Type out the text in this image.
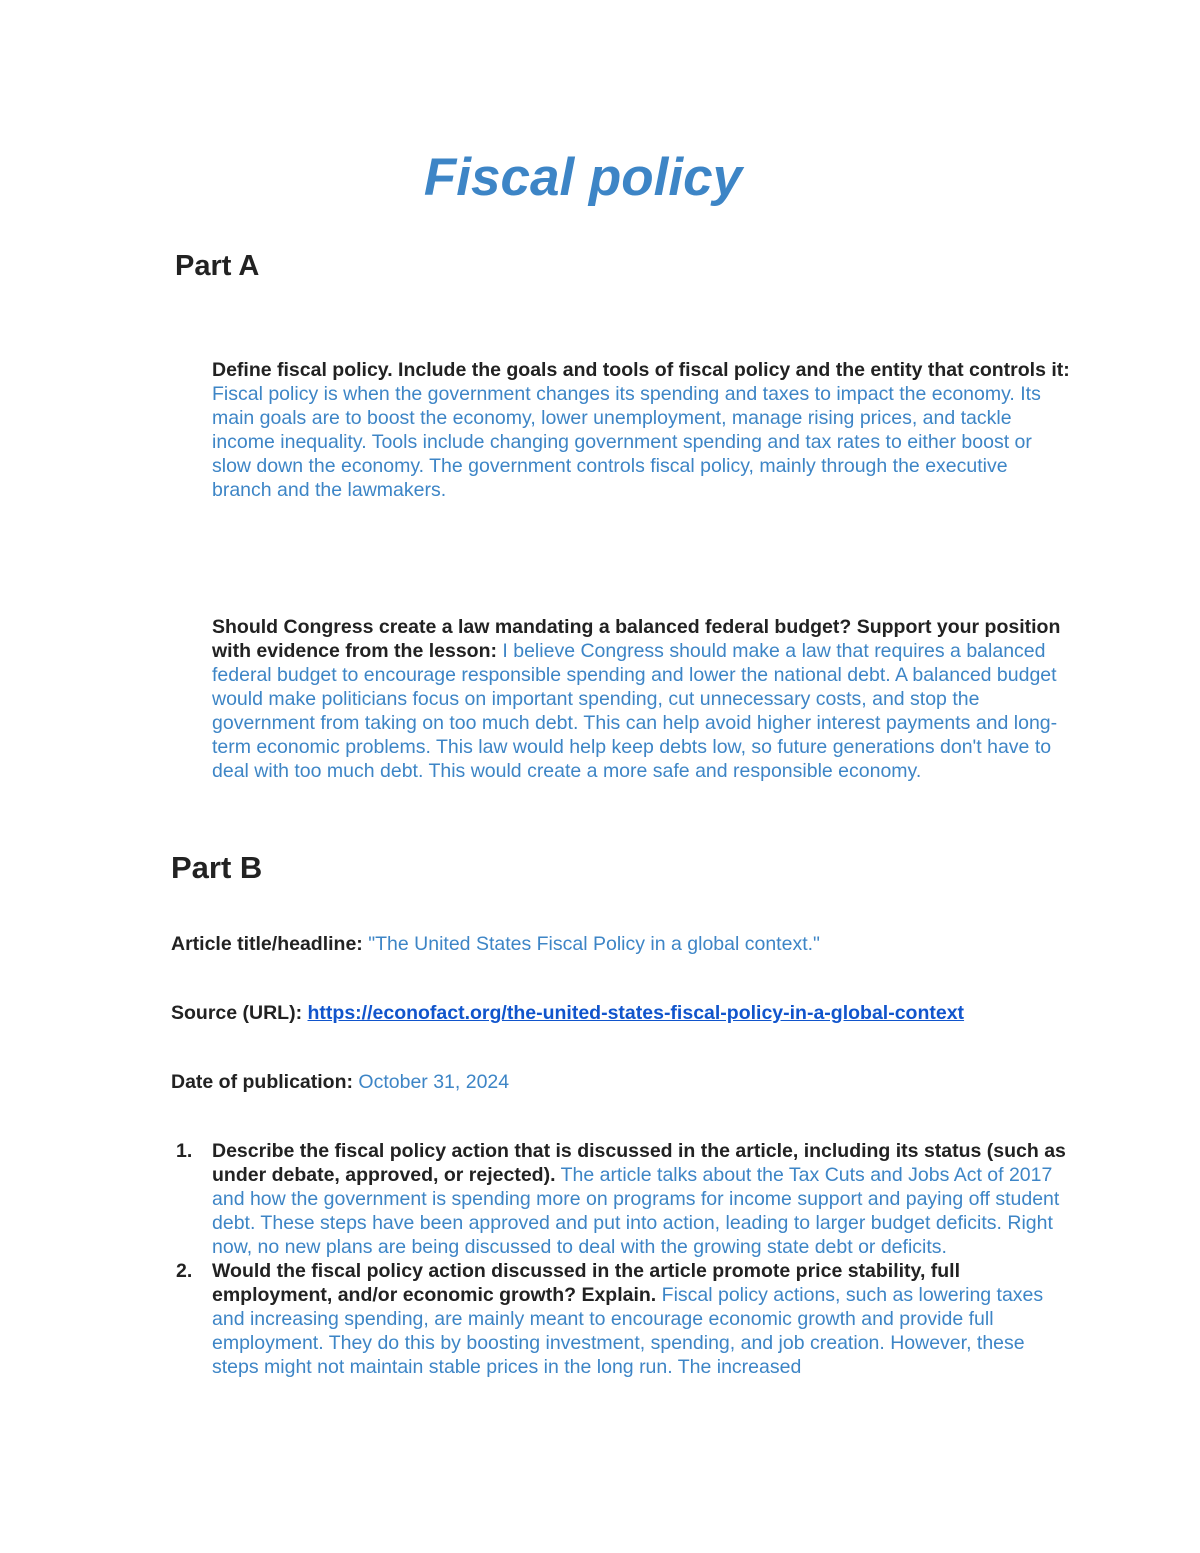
Fiscal policy
Part A

Define fiscal policy. Include the goals and tools of fiscal policy and the entity that controls it: Fiscal policy is when the government changes its spending and taxes to impact the economy. Its main goals are to boost the economy, lower unemployment, manage rising prices, and tackle income inequality. Tools include changing government spending and tax rates to either boost or slow down the economy. The government controls fiscal policy, mainly through the executive branch and the lawmakers.

Should Congress create a law mandating a balanced federal budget? Support your position with evidence from the lesson: I believe Congress should make a law that requires a balanced federal budget to encourage responsible spending and lower the national debt. A balanced budget would make politicians focus on important spending, cut unnecessary costs, and stop the government from taking on too much debt. This can help avoid higher interest payments and long-term economic problems. This law would help keep debts low, so future generations don't have to deal with too much debt. This would create a more safe and responsible economy.

Part B

Article title/headline: "The United States Fiscal Policy in a global context."

Source (URL): https://econofact.org/the-united-states-fiscal-policy-in-a-global-context

Date of publication: October 31, 2024

1. Describe the fiscal policy action that is discussed in the article, including its status (such as under debate, approved, or rejected). The article talks about the Tax Cuts and Jobs Act of 2017 and how the government is spending more on programs for income support and paying off student debt. These steps have been approved and put into action, leading to larger budget deficits. Right now, no new plans are being discussed to deal with the growing state debt or deficits.
2. Would the fiscal policy action discussed in the article promote price stability, full employment, and/or economic growth? Explain. Fiscal policy actions, such as lowering taxes and increasing spending, are mainly meant to encourage economic growth and provide full employment. They do this by boosting investment, spending, and job creation. However, these steps might not maintain stable prices in the long run. The increased
